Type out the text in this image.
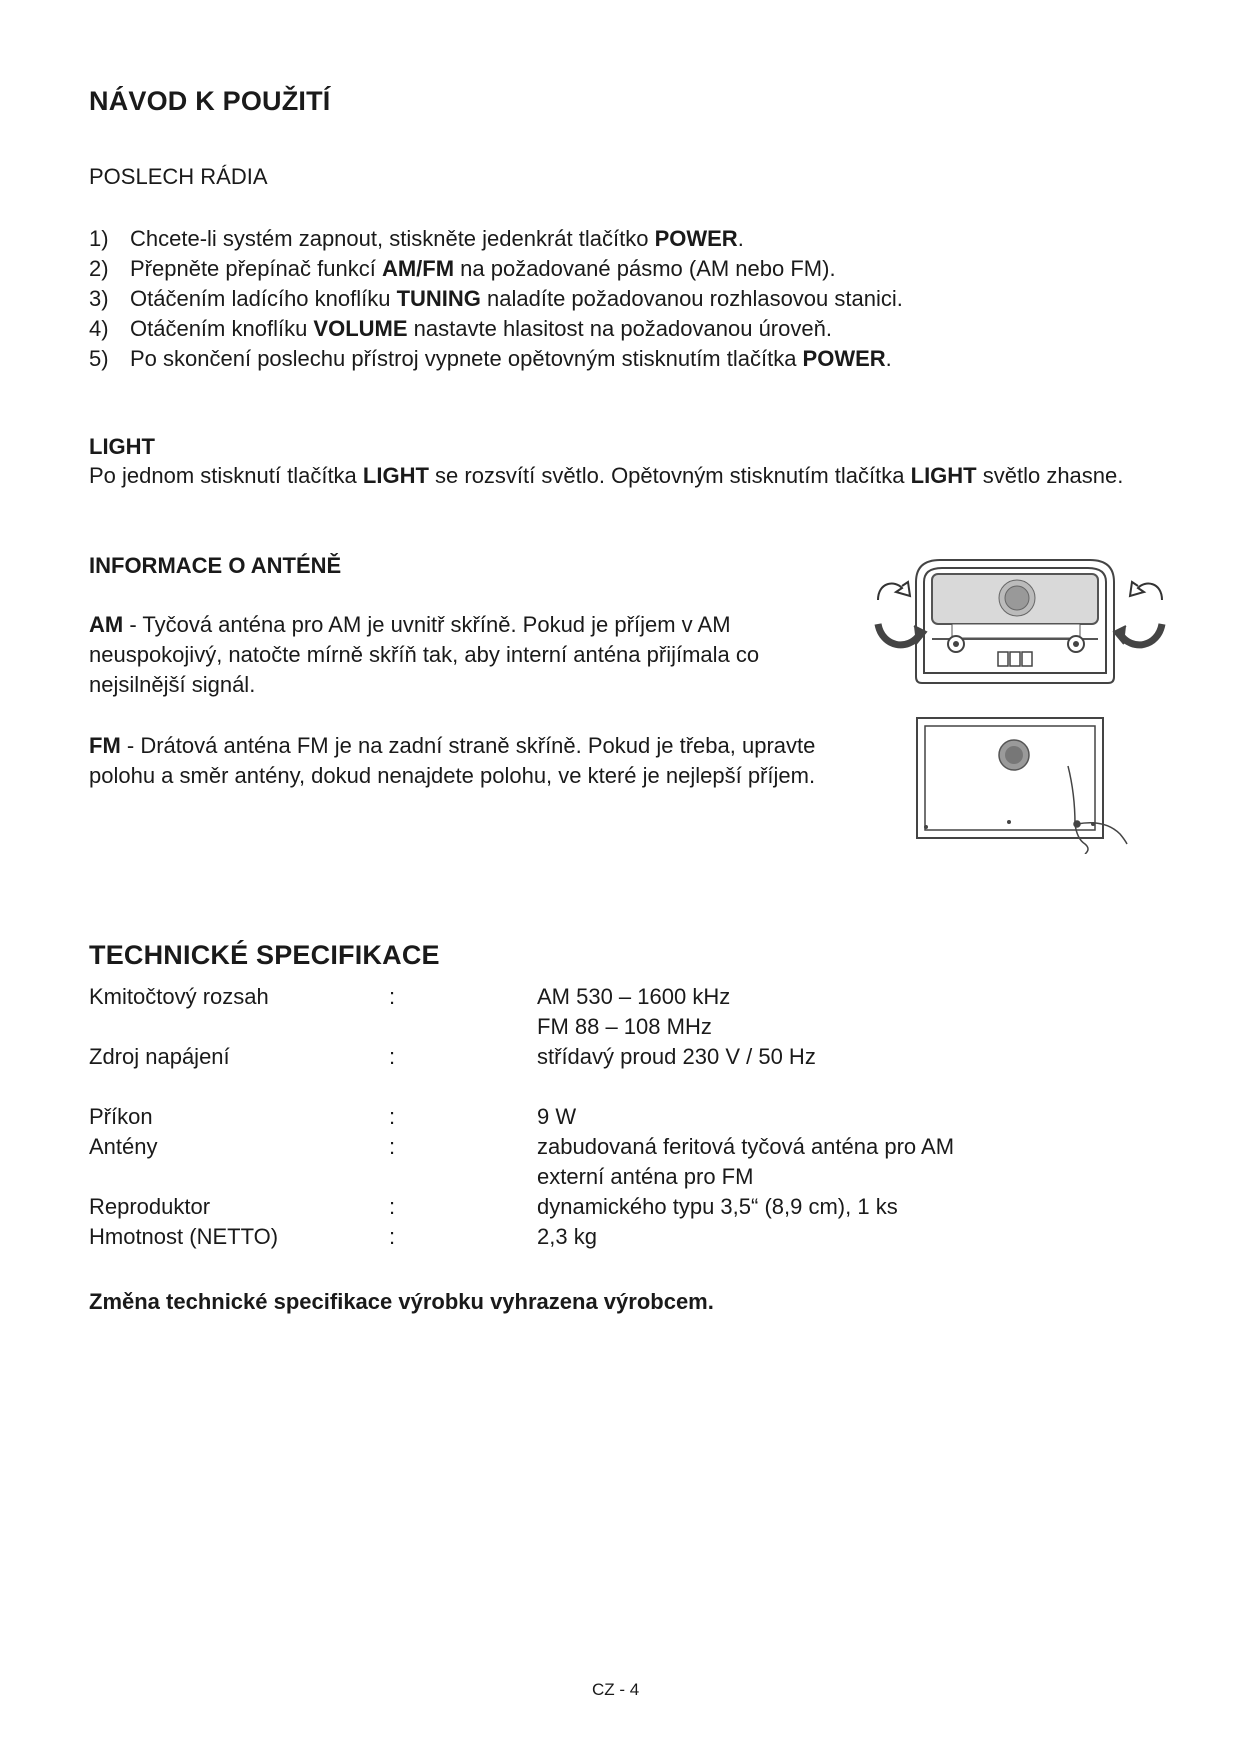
NÁVOD K POUŽITÍ
POSLECH RÁDIA
1) Chcete-li systém zapnout, stiskněte jedenkrát tlačítko POWER.
2) Přepněte přepínač funkcí AM/FM na požadované pásmo (AM nebo FM).
3) Otáčením ladícího knoflíku TUNING naladíte požadovanou rozhlasovou stanici.
4) Otáčením knoflíku VOLUME nastavte hlasitost na požadovanou úroveň.
5) Po skončení poslechu přístroj vypnete opětovným stisknutím tlačítka POWER.
LIGHT
Po jednom stisknutí tlačítka LIGHT se rozsvítí světlo. Opětovným stisknutím tlačítka LIGHT světlo zhasne.
INFORMACE O ANTÉNĚ
AM - Tyčová anténa pro AM je uvnitř skříně. Pokud je příjem v AM neuspokojivý, natočte mírně skříň tak, aby interní anténa přijímala co nejsilnější signál.
FM - Drátová anténa FM je na zadní straně skříně. Pokud je třeba, upravte polohu a směr antény, dokud nenajdete polohu, ve které je nejlepší příjem.
TECHNICKÉ SPECIFIKACE
Kmitočtový rozsah	:	AM 530 – 1600 kHz
FM 88 – 108 MHz
Zdroj napájení	:	střídavý proud 230 V / 50 Hz
Příkon	:	9 W
Antény	:	zabudovaná feritová tyčová anténa pro AM
externí anténa pro FM
Reproduktor	:	dynamického typu 3,5“ (8,9 cm), 1 ks
Hmotnost (NETTO)	:	2,3 kg
Změna technické specifikace výrobku vyhrazena výrobcem.
CZ - 4
